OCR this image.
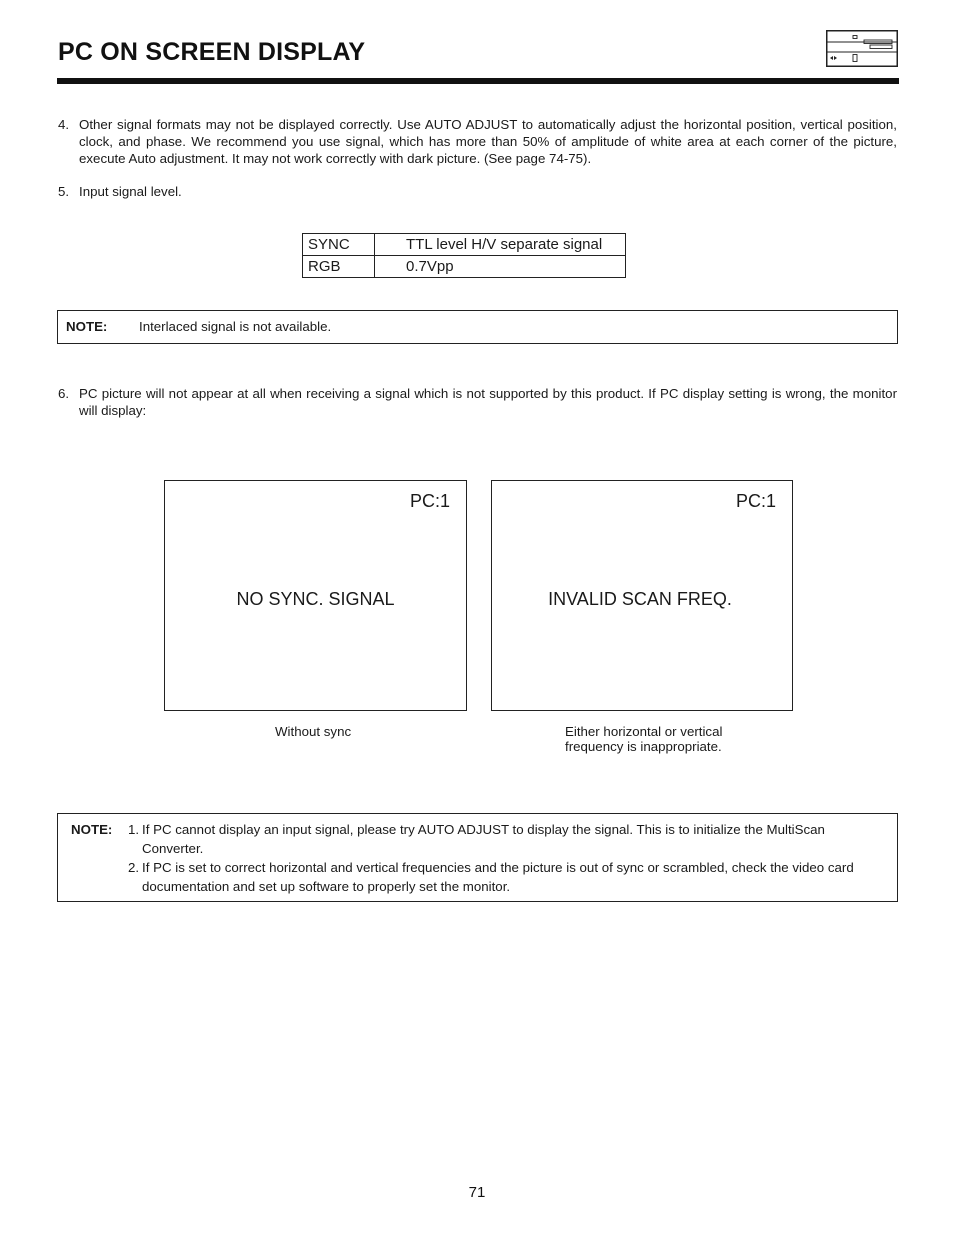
PC ON SCREEN DISPLAY
4. Other signal formats may not be displayed correctly. Use AUTO ADJUST to automatically adjust the horizontal position, vertical position, clock, and phase. We recommend you use signal, which has more than 50% of amplitude of white area at each corner of the picture, execute Auto adjustment. It may not work correctly with dark picture. (See page 74-75).
5. Input signal level.
SYNC	TTL level H/V separate signal
RGB	0.7Vpp
NOTE: Interlaced signal is not available.
6. PC picture will not appear at all when receiving a signal which is not supported by this product. If PC display setting is wrong, the monitor will display:
PC:1
NO SYNC. SIGNAL
PC:1
INVALID SCAN FREQ.
Without sync	Either horizontal or vertical
frequency is inappropriate.
NOTE: 1. If PC cannot display an input signal, please try AUTO ADJUST to display the signal. This is to initialize the MultiScan Converter.
2. If PC is set to correct horizontal and vertical frequencies and the picture is out of sync or scrambled, check the video card documentation and set up software to properly set the monitor.
71
